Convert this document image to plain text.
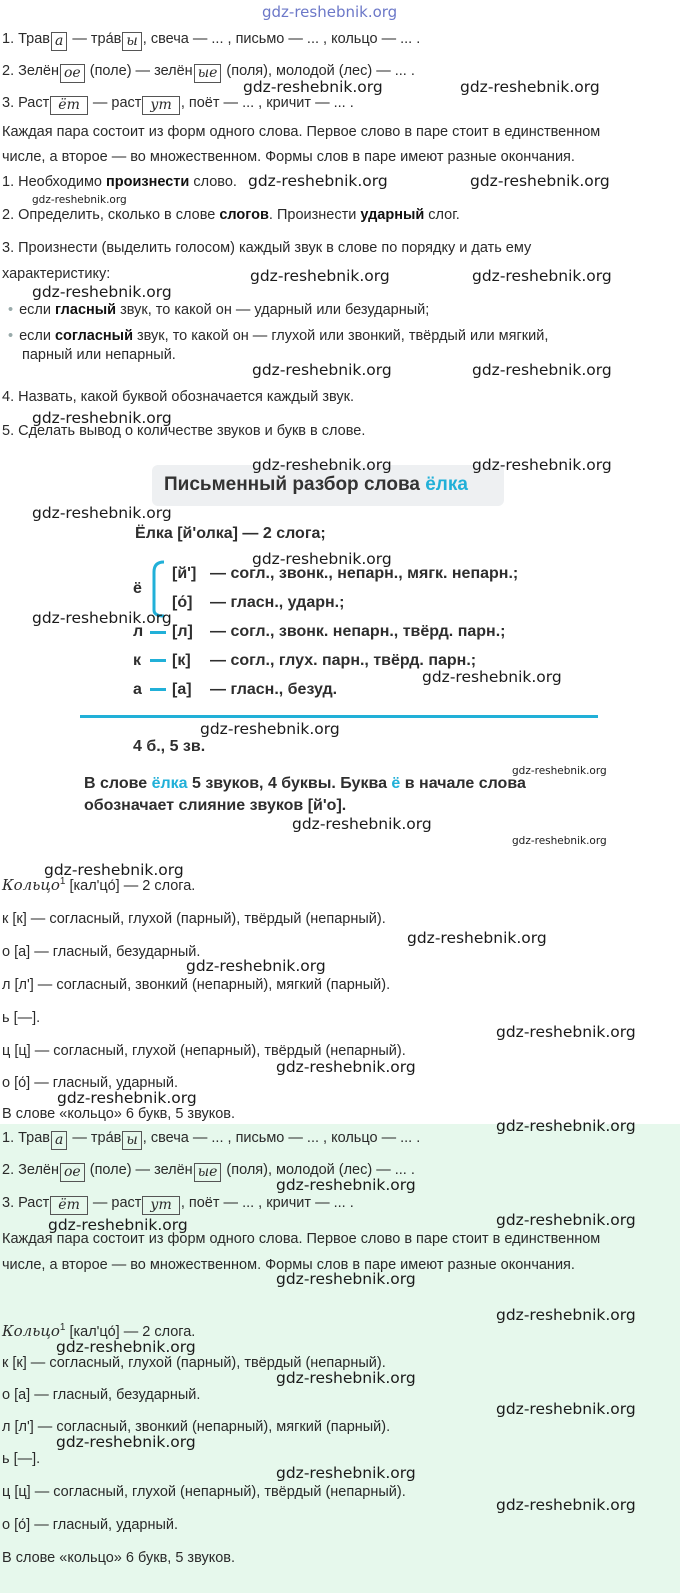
1. Трав а — тра́в ы , свеча — ... , письмо — ... , кольцо — ... .
2. Зелён ое (поле) — зелён ые (поля), молодой (лес) — ... .
3. Раст ёт — раст ут , поёт — ... , кричит — ... .
Каждая пара состоит из форм одного слова. Первое слово в паре стоит в единственном
числе, а второе — во множественном. Формы слов в паре имеют разные окончания.
1. Необходимо произнести слово.
2. Определить, сколько в слове слогов. Произнести ударный слог.
3. Произнести (выделить голосом) каждый звук в слове по порядку и дать ему
характеристику:
• если гласный звук, то какой он — ударный или безударный;
• если согласный звук, то какой он — глухой или звонкий, твёрдый или мягкий,
парный или непарный.
4. Назвать, какой буквой обозначается каждый звук.
5. Сделать вывод о количестве звуков и букв в слове.
Письменный разбор слова ёлка
Ёлка [й'олка] — 2 слога;
ё
[й'] — согл., звонк., непарн., мягк. непарн.;
[о́] — гласн., ударн.;
л [л] — согл., звонк. непарн., твёрд. парн.;
к [к] — согл., глух. парн., твёрд. парн.;
а [а] — гласн., безуд.
4 б., 5 зв.
В слове ёлка 5 звуков, 4 буквы. Буква ё в начале слова
обозначает слияние звуков [й'о].
Кольцо$^1$ [кал'цо́] — 2 слога.
к [к] — согласный, глухой (парный), твёрдый (непарный).
о [а] — гласный, безударный.
л [л'] — согласный, звонкий (непарный), мягкий (парный).
ь [—].
ц [ц] — согласный, глухой (непарный), твёрдый (непарный).
о [о́] — гласный, ударный.
В слове «кольцо» 6 букв, 5 звуков.
1. Трав а — тра́в ы , свеча — ... , письмо — ... , кольцо — ... .
2. Зелён ое (поле) — зелён ые (поля), молодой (лес) — ... .
3. Раст ёт — раст ут , поёт — ... , кричит — ... .
Каждая пара состоит из форм одного слова. Первое слово в паре стоит в единственном
числе, а второе — во множественном. Формы слов в паре имеют разные окончания.
Кольцо$^1$ [кал'цо́] — 2 слога.
к [к] — согласный, глухой (парный), твёрдый (непарный).
о [а] — гласный, безударный.
л [л'] — согласный, звонкий (непарный), мягкий (парный).
ь [—].
ц [ц] — согласный, глухой (непарный), твёрдый (непарный).
о [о́] — гласный, ударный.
В слове «кольцо» 6 букв, 5 звуков.
gdz-reshebnik.org
gdz-reshebnik.org	gdz-reshebnik.org
gdz-reshebnik.org
gdz-reshebnik.org	gdz-reshebnik.org
gdz-reshebnik.org	gdz-reshebnik.org
gdz-reshebnik.org
gdz-reshebnik.org	gdz-reshebnik.org
gdz-reshebnik.org
gdz-reshebnik.org	gdz-reshebnik.org
gdz-reshebnik.org
gdz-reshebnik.org
gdz-reshebnik.org
gdz-reshebnik.org
gdz-reshebnik.org
gdz-reshebnik.org
gdz-reshebnik.org
gdz-reshebnik.org
gdz-reshebnik.org
gdz-reshebnik.org
gdz-reshebnik.org
gdz-reshebnik.org
gdz-reshebnik.org
gdz-reshebnik.org
gdz-reshebnik.org
gdz-reshebnik.org
gdz-reshebnik.org	gdz-reshebnik.org
gdz-reshebnik.org
gdz-reshebnik.org
gdz-reshebnik.org
gdz-reshebnik.org
gdz-reshebnik.org
gdz-reshebnik.org
gdz-reshebnik.org
gdz-reshebnik.org
